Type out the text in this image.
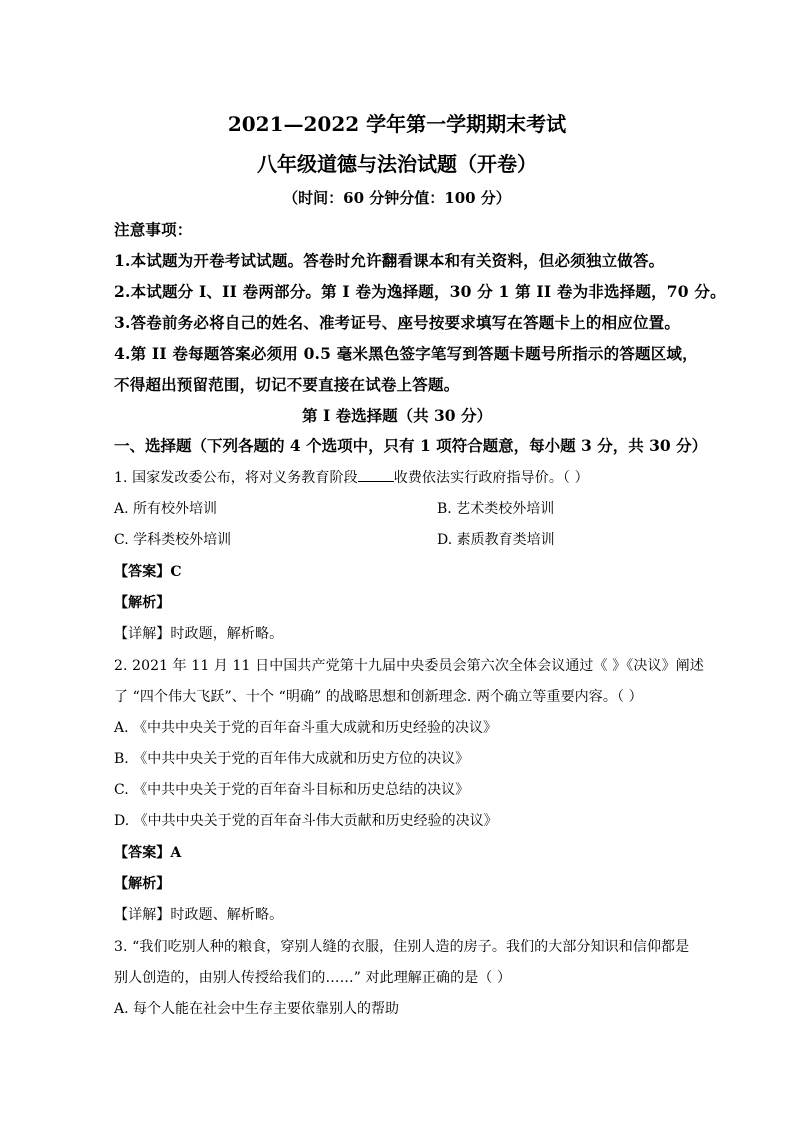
2021—2022 学年第一学期期末考试
八年级道德与法治试题（开卷）
（时间：60 分钟分值：100 分）
注意事项：
1.本试题为开卷考试试题。答卷时允许翻看课本和有关资料，但必须独立做答。
2.本试题分 I、II 卷两部分。第 I 卷为逸择题，30 分 1 第 II 卷为非选择题，70 分。
3.答卷前务必将自己的姓名、准考证号、座号按要求填写在答题卡上的相应位置。
4.第 II 卷每题答案必须用 0.5 毫米黑色签字笔写到答题卡题号所指示的答题区域，
不得超出预留范围，切记不要直接在试卷上答题。
第 I 卷选择题（共 30 分）
一、选择题（下列各题的 4 个选项中，只有 1 项符合题意，每小题 3 分，共 30 分）
1. 国家发改委公布，将对义务教育阶段	收费依法实行政府指导价。（ ）
A. 所有校外培训	B. 艺术类校外培训
C. 学科类校外培训	D. 素质教育类培训
【答案】C
【解析】
【详解】时政题，解析略。
2. 2021 年 11 月 11 日中国共产党第十九届中央委员会第六次全体会议通过《 》《决议》阐述
了 “四个伟大飞跃”、十个 “明确” 的战略思想和创新理念. 两个确立等重要内容。（ ）
A. 《中共中央关于党的百年奋斗重大成就和历史经验的决议》
B. 《中共中央关于党的百年伟大成就和历史方位的决议》
C. 《中共中央关于党的百年奋斗目标和历史总结的决议》
D. 《中共中央关于党的百年奋斗伟大贡献和历史经验的决议》
【答案】A
【解析】
【详解】时政题、解析略。
3. “我们吃别人种的粮食，穿别人缝的衣服，住别人造的房子。我们的大部分知识和信仰都是
别人创造的，由别人传授给我们的……” 对此理解正确的是（ ）
A. 每个人能在社会中生存主要依靠别人的帮助
